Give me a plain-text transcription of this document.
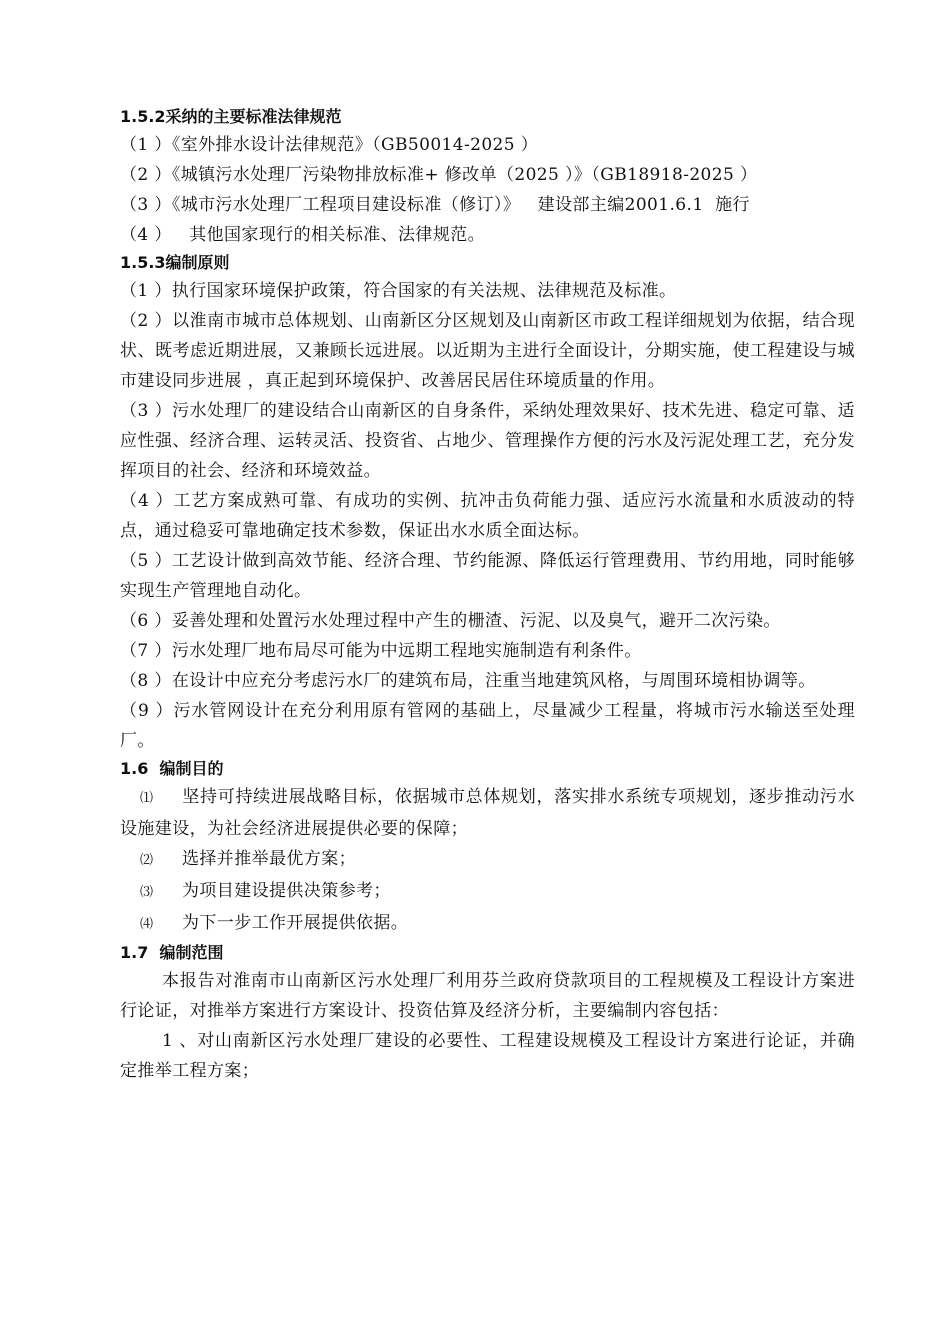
1.5.2采纳的主要标准法律规范
（1 ）《室外排水设计法律规范》（GB50014-2025 ）
（2 ）《城镇污水处理厂污染物排放标准+ 修改单（2025 ）》（GB18918-2025 ）
（3 ）《城市污水处理厂工程项目建设标准（修订）》   建设部主编2001.6.1  施行
（4 ）   其他国家现行的相关标准、法律规范。
1.5.3编制原则
（1 ）执行国家环境保护政策，符合国家的有关法规、法律规范及标准。
（2 ）以淮南市城市总体规划、山南新区分区规划及山南新区市政工程详细规划为依据，结合现状、既考虑近期进展，又兼顾长远进展。以近期为主进行全面设计，分期实施，使工程建设与城市建设同步进展 ，真正起到环境保护、改善居民居住环境质量的作用。
（3 ）污水处理厂的建设结合山南新区的自身条件，采纳处理效果好、技术先进、稳定可靠、适应性强、经济合理、运转灵活、投资省、占地少、管理操作方便的污水及污泥处理工艺，充分发挥项目的社会、经济和环境效益。
（4 ）工艺方案成熟可靠、有成功的实例、抗冲击负荷能力强、适应污水流量和水质波动的特点，通过稳妥可靠地确定技术参数，保证出水水质全面达标。
（5 ）工艺设计做到高效节能、经济合理、节约能源、降低运行管理费用、节约用地，同时能够实现生产管理地自动化。
（6 ）妥善处理和处置污水处理过程中产生的栅渣、污泥、以及臭气，避开二次污染。
（7 ）污水处理厂地布局尽可能为中远期工程地实施制造有利条件。
（8 ）在设计中应充分考虑污水厂的建筑布局，注重当地建筑风格，与周围环境相协调等。
（9 ）污水管网设计在充分利用原有管网的基础上，尽量减少工程量，将城市污水输送至处理厂。
1.6  编制目的
⑴ 坚持可持续进展战略目标，依据城市总体规划，落实排水系统专项规划，逐步推动污水设施建设，为社会经济进展提供必要的保障；
⑵ 选择并推举最优方案；
⑶ 为项目建设提供决策参考；
⑷ 为下一步工作开展提供依据。
1.7  编制范围
本报告对淮南市山南新区污水处理厂利用芬兰政府贷款项目的工程规模及工程设计方案进行论证，对推举方案进行方案设计、投资估算及经济分析，主要编制内容包括：
1 、对山南新区污水处理厂建设的必要性、工程建设规模及工程设计方案进行论证，并确定推举工程方案；
